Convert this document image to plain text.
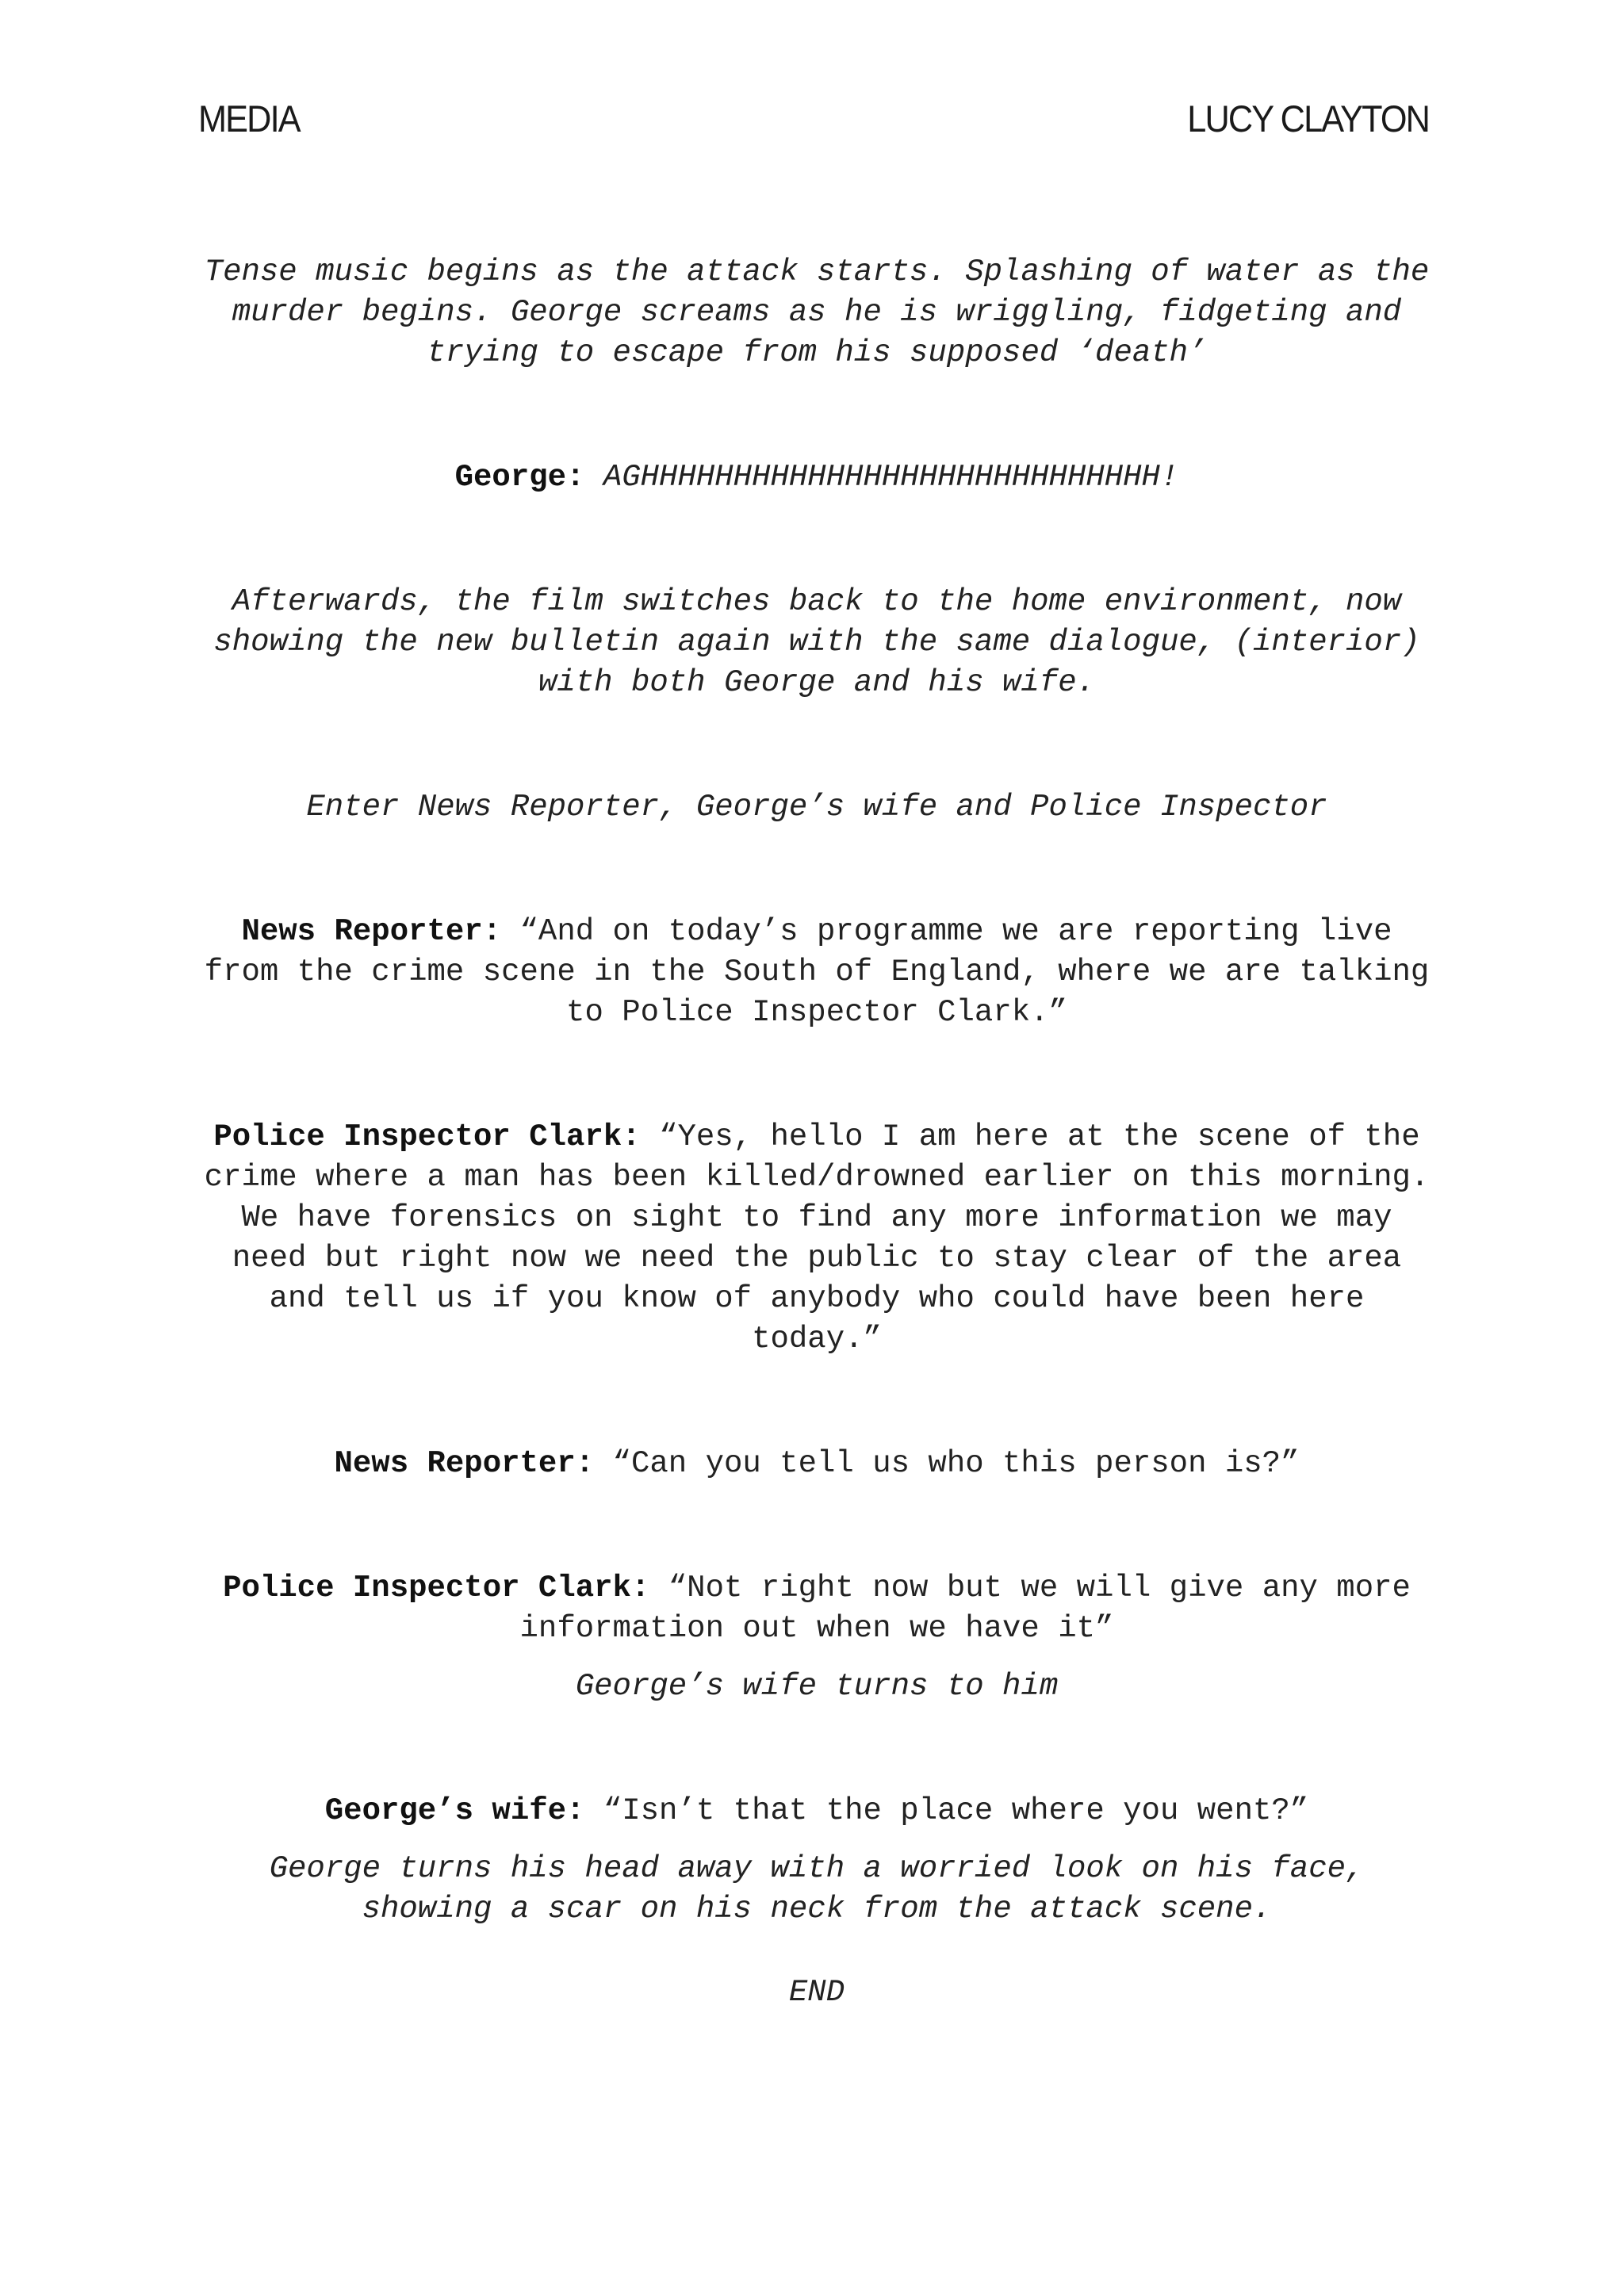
MEDIA	LUCY CLAYTON

Tense music begins as the attack starts. Splashing of water as the murder begins. George screams as he is wriggling, fidgeting and trying to escape from his supposed ‘death’

George: AGHHHHHHHHHHHHHHHHHHHHHHHHHHHH!

Afterwards, the film switches back to the home environment, now showing the new bulletin again with the same dialogue, (interior) with both George and his wife.

Enter News Reporter, George’s wife and Police Inspector

News Reporter: “And on today’s programme we are reporting live from the crime scene in the South of England, where we are talking to Police Inspector Clark.”

Police Inspector Clark: “Yes, hello I am here at the scene of the crime where a man has been killed/drowned earlier on this morning. We have forensics on sight to find any more information we may need but right now we need the public to stay clear of the area and tell us if you know of anybody who could have been here today.”

News Reporter: “Can you tell us who this person is?”

Police Inspector Clark: “Not right now but we will give any more information out when we have it”

George’s wife turns to him

George’s wife: “Isn’t that the place where you went?”

George turns his head away with a worried look on his face, showing a scar on his neck from the attack scene.

END
